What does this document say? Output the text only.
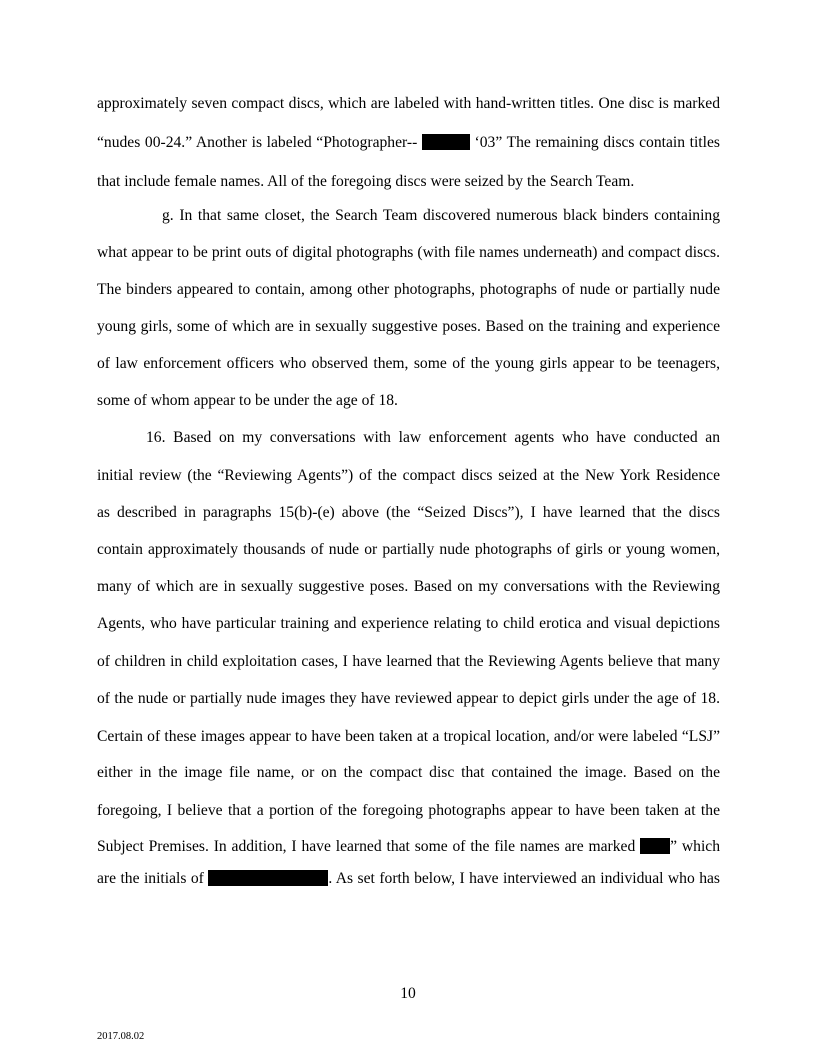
approximately seven compact discs, which are labeled with hand-written titles. One disc is marked
“nudes 00-24.” Another is labeled “Photographer--	‘03” The remaining discs contain titles
that include female names. All of the foregoing discs were seized by the Search Team.
g. In that same closet, the Search Team discovered numerous black binders containing
what appear to be print outs of digital photographs (with file names underneath) and compact discs.
The binders appeared to contain, among other photographs, photographs of nude or partially nude
young girls, some of which are in sexually suggestive poses. Based on the training and experience
of law enforcement officers who observed them, some of the young girls appear to be teenagers,
some of whom appear to be under the age of 18.
16. Based on my conversations with law enforcement agents who have conducted an
initial review (the “Reviewing Agents”) of the compact discs seized at the New York Residence
as described in paragraphs 15(b)-(e) above (the “Seized Discs”), I have learned that the discs
contain approximately thousands of nude or partially nude photographs of girls or young women,
many of which are in sexually suggestive poses. Based on my conversations with the Reviewing
Agents, who have particular training and experience relating to child erotica and visual depictions
of children in child exploitation cases, I have learned that the Reviewing Agents believe that many
of the nude or partially nude images they have reviewed appear to depict girls under the age of 18.
Certain of these images appear to have been taken at a tropical location, and/or were labeled “LSJ”
either in the image file name, or on the compact disc that contained the image. Based on the
foregoing, I believe that a portion of the foregoing photographs appear to have been taken at the
Subject Premises. In addition, I have learned that some of the file names are marked ” which
are the initials of	. As set forth below, I have interviewed an individual who has
10
2017.08.02
